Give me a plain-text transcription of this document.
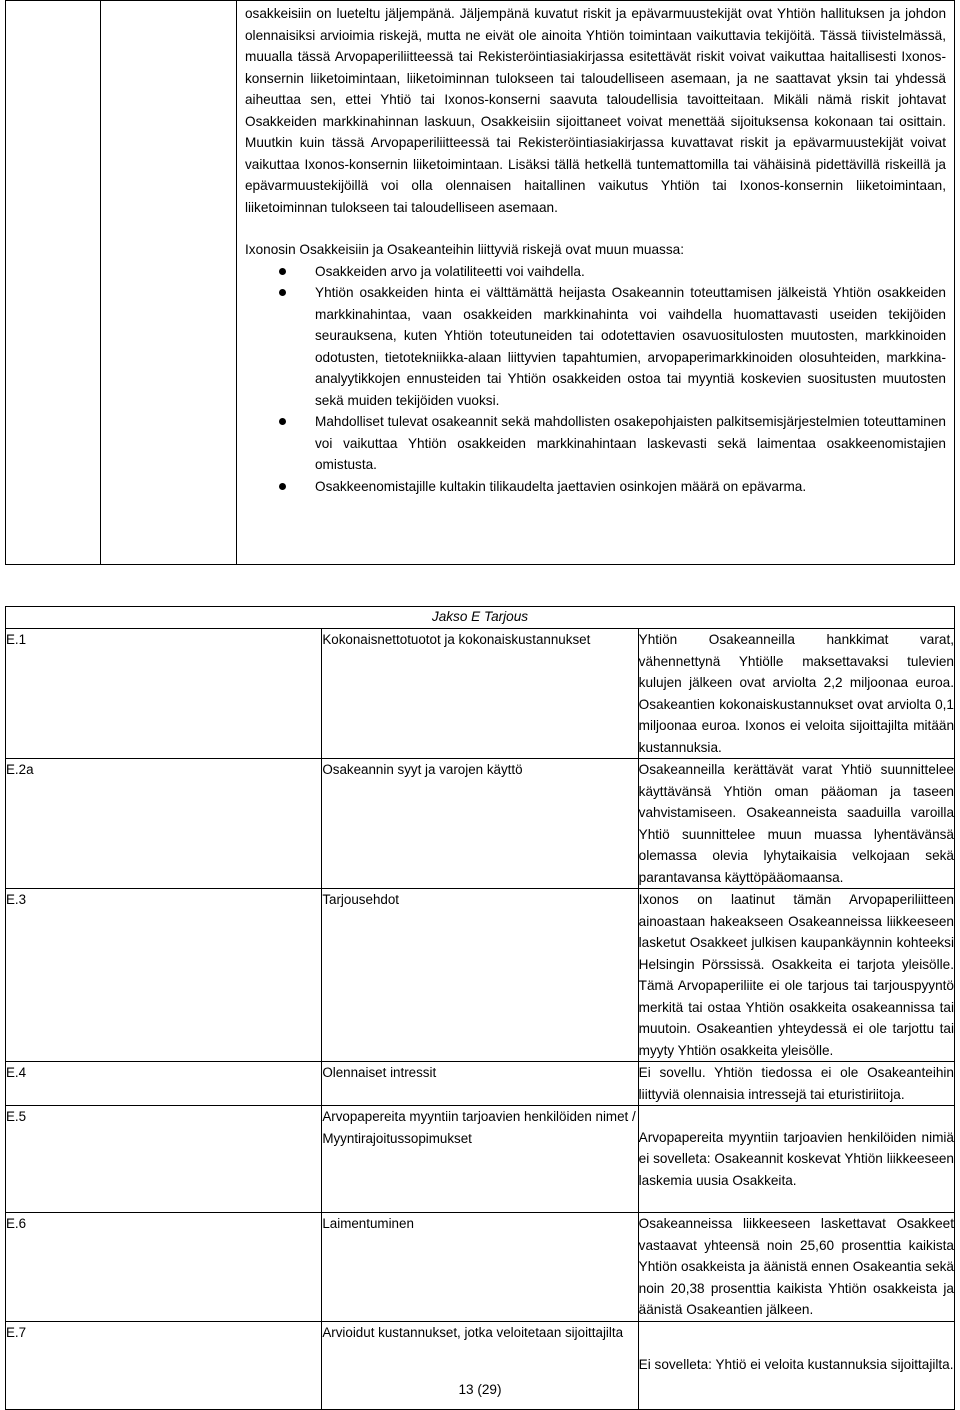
osakkeisiin on lueteltu jäljempänä. Jäljempänä kuvatut riskit ja epävarmuustekijät ovat Yhtiön hallituksen ja johdon olennaisiksi arvioimia riskejä, mutta ne eivät ole ainoita Yhtiön toimintaan vaikuttavia tekijöitä. Tässä tiivistelmässä, muualla tässä Arvopaperiliitteessä tai Rekisteröintiasiakirjassa esitettävät riskit voivat vaikuttaa haitallisesti Ixonos-konsernin liiketoimintaan, liiketoiminnan tulokseen tai taloudelliseen asemaan, ja ne saattavat yksin tai yhdessä aiheuttaa sen, ettei Yhtiö tai Ixonos-konserni saavuta taloudellisia tavoitteitaan. Mikäli nämä riskit johtavat Osakkeiden markkinahinnan laskuun, Osakkeisiin sijoittaneet voivat menettää sijoituksensa kokonaan tai osittain. Muutkin kuin tässä Arvopaperiliitteessä tai Rekisteröintiasiakirjassa kuvattavat riskit ja epävarmuustekijät voivat vaikuttaa Ixonos-konsernin liiketoimintaan. Lisäksi tällä hetkellä tuntemattomilla tai vähäisinä pidettävillä riskeillä ja epävarmuustekijöillä voi olla olennaisen haitallinen vaikutus Yhtiön tai Ixonos-konsernin liiketoimintaan, liiketoiminnan tulokseen tai taloudelliseen asemaan.
Ixonosin Osakkeisiin ja Osakeanteihin liittyviä riskejä ovat muun muassa:
Osakkeiden arvo ja volatiliteetti voi vaihdella.
Yhtiön osakkeiden hinta ei välttämättä heijasta Osakeannin toteuttamisen jälkeistä Yhtiön osakkeiden markkinahintaa, vaan osakkeiden markkinahinta voi vaihdella huomattavasti useiden tekijöiden seurauksena, kuten Yhtiön toteutuneiden tai odotettavien osavuositulosten muutosten, markkinoiden odotusten, tietotekniikka-alaan liittyvien tapahtumien, arvopaperimarkkinoiden olosuhteiden, markkina-analyytikkojen ennusteiden tai Yhtiön osakkeiden ostoa tai myyntiä koskevien suositusten muutosten sekä muiden tekijöiden vuoksi.
Mahdolliset tulevat osakeannit sekä mahdollisten osakepohjaisten palkitsemisjärjestelmien toteuttaminen voi vaikuttaa Yhtiön osakkeiden markkinahintaan laskevasti sekä laimentaa osakkeenomistajien omistusta.
Osakkeenomistajille kultakin tilikaudelta jaettavien osinkojen määrä on epävarma.
Jakso E Tarjous		
E.1	Kokonaisnettotuotot ja kokonaiskustannukset	Yhtiön Osakeanneilla hankkimat varat, vähennettynä Yhtiölle maksettavaksi tulevien kulujen jälkeen ovat arviolta 2,2 miljoonaa euroa. Osakeantien kokonaiskustannukset ovat arviolta 0,1 miljoonaa euroa. Ixonos ei veloita sijoittajilta mitään kustannuksia.
E.2a	Osakeannin syyt ja varojen käyttö	Osakeanneilla kerättävät varat Yhtiö suunnittelee käyttävänsä Yhtiön oman pääoman ja taseen vahvistamiseen. Osakeanneista saaduilla varoilla Yhtiö suunnittelee muun muassa lyhentävänsä olemassa olevia lyhytaikaisia velkojaan sekä parantavansa käyttöpääomaansa.
E.3	Tarjousehdot	Ixonos on laatinut tämän Arvopaperiliitteen ainoastaan hakeakseen Osakeanneissa liikkeeseen lasketut Osakkeet julkisen kaupankäynnin kohteeksi Helsingin Pörssissä. Osakkeita ei tarjota yleisölle. Tämä Arvopaperiliite ei ole tarjous tai tarjouspyyntö merkitä tai ostaa Yhtiön osakkeita osakeannissa tai muutoin. Osakeantien yhteydessä ei ole tarjottu tai myyty Yhtiön osakkeita yleisölle.
E.4	Olennaiset intressit	Ei sovellu. Yhtiön tiedossa ei ole Osakeanteihin liittyviä olennaisia intressejä tai eturistiriitoja.
E.5	Arvopapereita myyntiin tarjoavien henkilöiden nimet / Myyntirajoitussopimukset	Arvopapereita myyntiin tarjoavien henkilöiden nimiä ei sovelleta: Osakeannit koskevat Yhtiön liikkeeseen laskemia uusia Osakkeita.
E.6	Laimentuminen	Osakeanneissa liikkeeseen laskettavat Osakkeet vastaavat yhteensä noin 25,60 prosenttia kaikista Yhtiön osakkeista ja äänistä ennen Osakeantia sekä noin 20,38 prosenttia kaikista Yhtiön osakkeista ja äänistä Osakeantien jälkeen.
E.7	Arvioidut kustannukset, jotka veloitetaan sijoittajilta	Ei sovelleta: Yhtiö ei veloita kustannuksia sijoittajilta.
13 (29)
